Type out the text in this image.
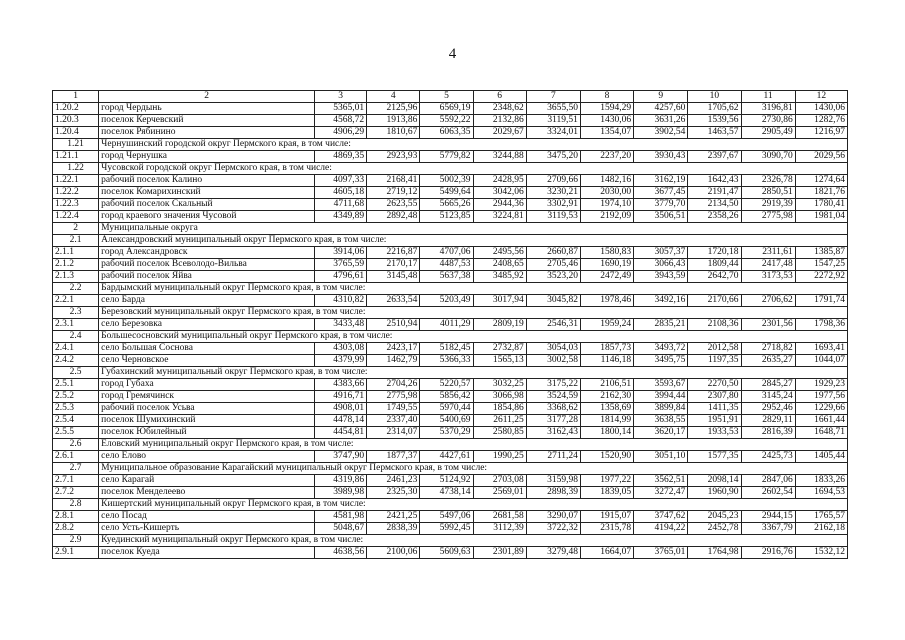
4
1	2	3	4	5	6	7	8	9	10	11	12
1.20.2	город Чердынь	5365,01	2125,96	6569,19	2348,62	3655,50	1594,29	4257,60	1705,62	3196,81	1430,06
1.20.3	поселок Керчевский	4568,72	1913,86	5592,22	2132,86	3119,51	1430,06	3631,26	1539,56	2730,86	1282,76
1.20.4	поселок Рябинино	4906,29	1810,67	6063,35	2029,67	3324,01	1354,07	3902,54	1463,57	2905,49	1216,97
1.21	Чернушинский городской округ Пермского края, в том числе:										
1.21.1	город Чернушка	4869,35	2923,93	5779,82	3244,88	3475,20	2237,20	3930,43	2397,67	3090,70	2029,56
1.22	Чусовской городской округ Пермского края, в том числе:										
1.22.1	рабочий поселок Калино	4097,33	2168,41	5002,39	2428,95	2709,66	1482,16	3162,19	1642,43	2326,78	1274,64
1.22.2	поселок Комарихинский	4605,18	2719,12	5499,64	3042,06	3230,21	2030,00	3677,45	2191,47	2850,51	1821,76
1.22.3	рабочий поселок Скальный	4711,68	2623,55	5665,26	2944,36	3302,91	1974,10	3779,70	2134,50	2919,39	1780,41
1.22.4	город краевого значения Чусовой	4349,89	2892,48	5123,85	3224,81	3119,53	2192,09	3506,51	2358,26	2775,98	1981,04
2	Муниципальные округа										
2.1	Александровский муниципальный округ Пермского края, в том числе:										
2.1.1	город Александровск	3914,06	2216,87	4707,06	2495,56	2660,87	1580,83	3057,37	1720,18	2311,61	1385,87
2.1.2	рабочий поселок Всеволодо-Вильва	3765,59	2170,17	4487,53	2408,65	2705,46	1690,19	3066,43	1809,44	2417,48	1547,25
2.1.3	рабочий поселок Яйва	4796,61	3145,48	5637,38	3485,92	3523,20	2472,49	3943,59	2642,70	3173,53	2272,92
2.2	Бардымский муниципальный округ Пермского края, в том числе:										
2.2.1	село Барда	4310,82	2633,54	5203,49	3017,94	3045,82	1978,46	3492,16	2170,66	2706,62	1791,74
2.3	Березовский муниципальный округ Пермского края, в том числе:										
2.3.1	село Березовка	3433,48	2510,94	4011,29	2809,19	2546,31	1959,24	2835,21	2108,36	2301,56	1798,36
2.4	Большесосновский муниципальный округ Пермского края, в том числе:										
2.4.1	село Большая Соснова	4303,08	2423,17	5182,45	2732,87	3054,03	1857,73	3493,72	2012,58	2718,82	1693,41
2.4.2	село Черновское	4379,99	1462,79	5366,33	1565,13	3002,58	1146,18	3495,75	1197,35	2635,27	1044,07
2.5	Губахинский муниципальный округ Пермского края, в том числе:										
2.5.1	город Губаха	4383,66	2704,26	5220,57	3032,25	3175,22	2106,51	3593,67	2270,50	2845,27	1929,23
2.5.2	город Гремячинск	4916,71	2775,98	5856,42	3066,98	3524,59	2162,30	3994,44	2307,80	3145,24	1977,56
2.5.3	рабочий поселок Усьва	4908,01	1749,55	5970,44	1854,86	3368,62	1358,69	3899,84	1411,35	2952,46	1229,66
2.5.4	поселок Шумихинский	4478,14	2337,40	5400,69	2611,25	3177,28	1814,99	3638,55	1951,91	2829,11	1661,44
2.5.5	поселок Юбилейный	4454,81	2314,07	5370,29	2580,85	3162,43	1800,14	3620,17	1933,53	2816,39	1648,71
2.6	Еловский муниципальный округ Пермского края, в том числе:										
2.6.1	село Елово	3747,90	1877,37	4427,61	1990,25	2711,24	1520,90	3051,10	1577,35	2425,73	1405,44
2.7	Муниципальное образование Карагайский муниципальный округ Пермского края, в том числе:										
2.7.1	село Карагай	4319,86	2461,23	5124,92	2703,08	3159,98	1977,22	3562,51	2098,14	2847,06	1833,26
2.7.2	поселок Менделеево	3989,98	2325,30	4738,14	2569,01	2898,39	1839,05	3272,47	1960,90	2602,54	1694,53
2.8	Кишертский муниципальный округ Пермского края, в том числе:										
2.8.1	село Посад	4581,98	2421,25	5497,06	2681,58	3290,07	1915,07	3747,62	2045,23	2944,15	1765,57
2.8.2	село Усть-Кишерть	5048,67	2838,39	5992,45	3112,39	3722,32	2315,78	4194,22	2452,78	3367,79	2162,18
2.9	Куединский муниципальный округ Пермского края, в том числе:										
2.9.1	поселок Куеда	4638,56	2100,06	5609,63	2301,89	3279,48	1664,07	3765,01	1764,98	2916,76	1532,12
